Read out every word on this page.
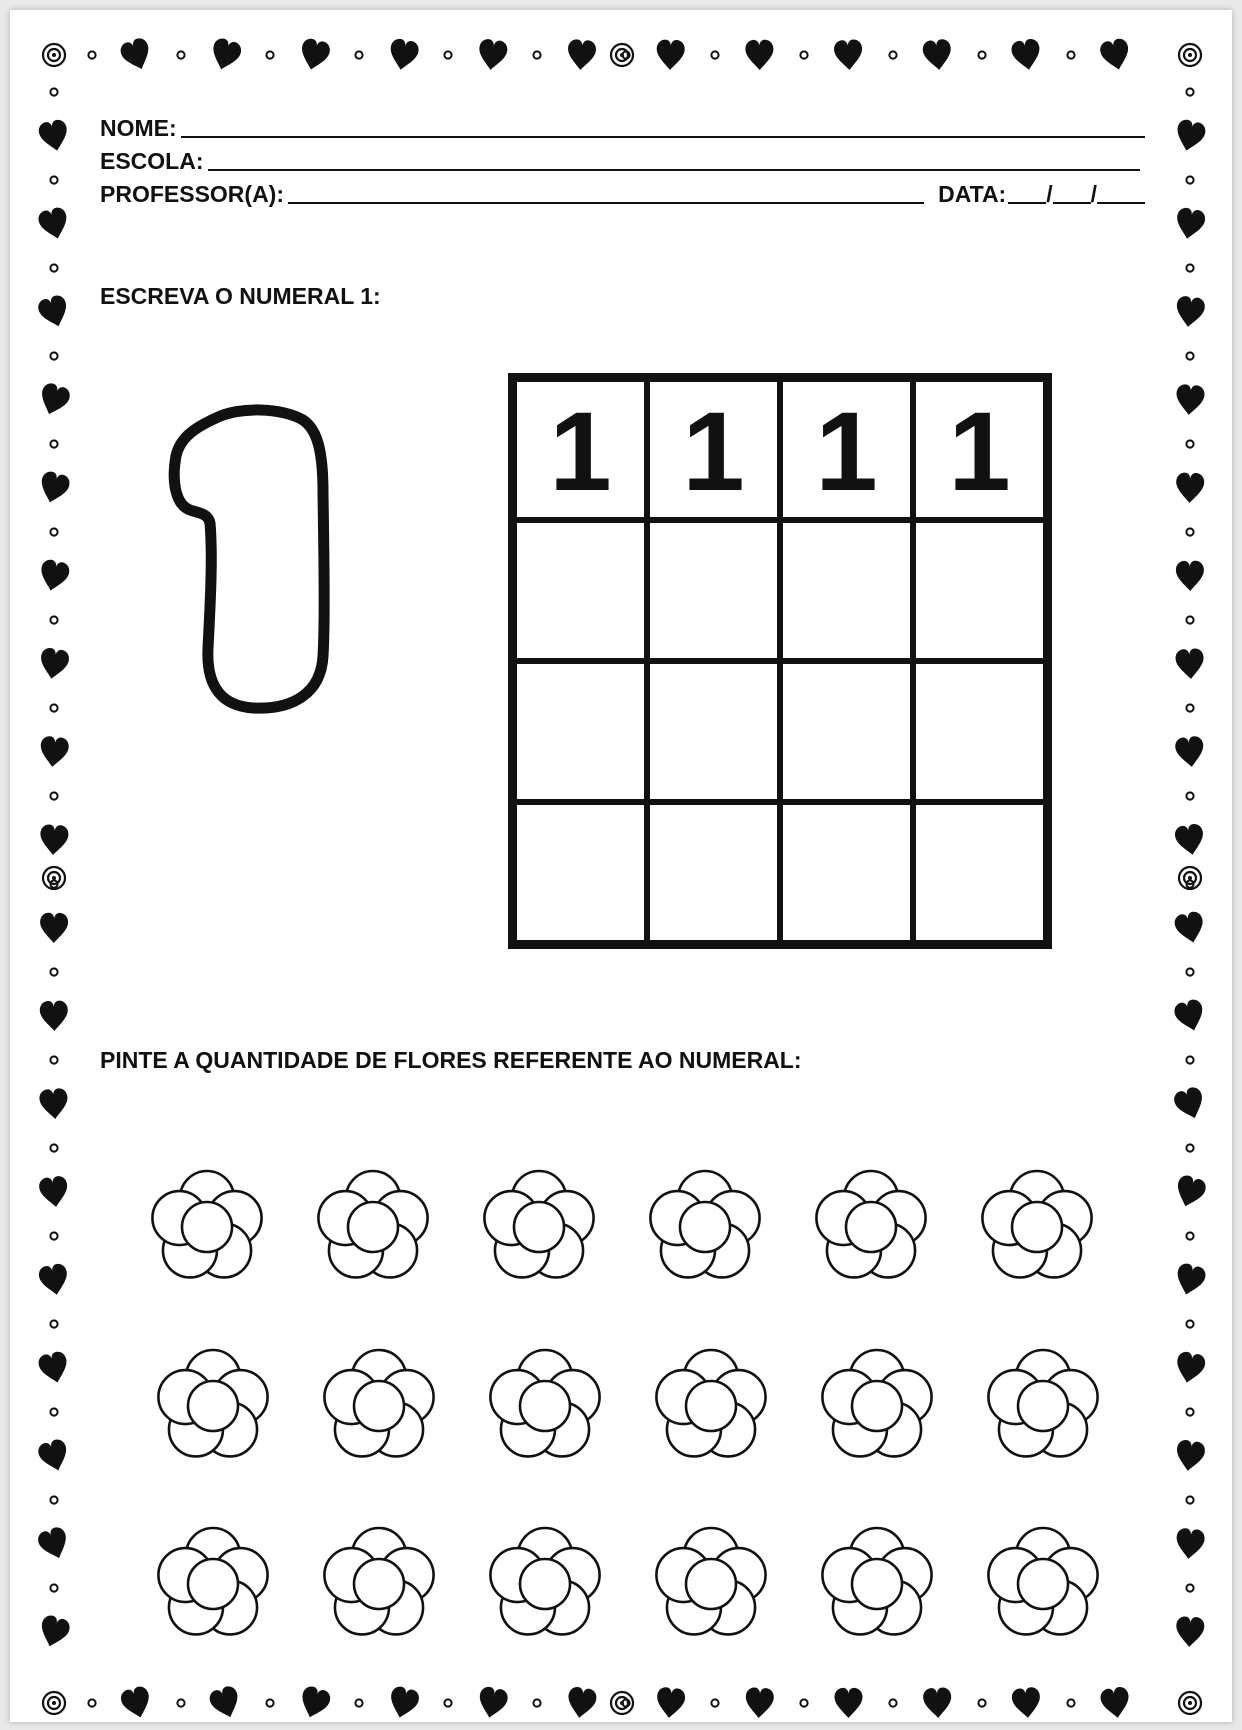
NOME:
ESCOLA:
PROFESSOR(A):	DATA: / /
ESCREVA O NUMERAL 1:
1 1 1 1
PINTE A QUANTIDADE DE FLORES REFERENTE AO NUMERAL:
